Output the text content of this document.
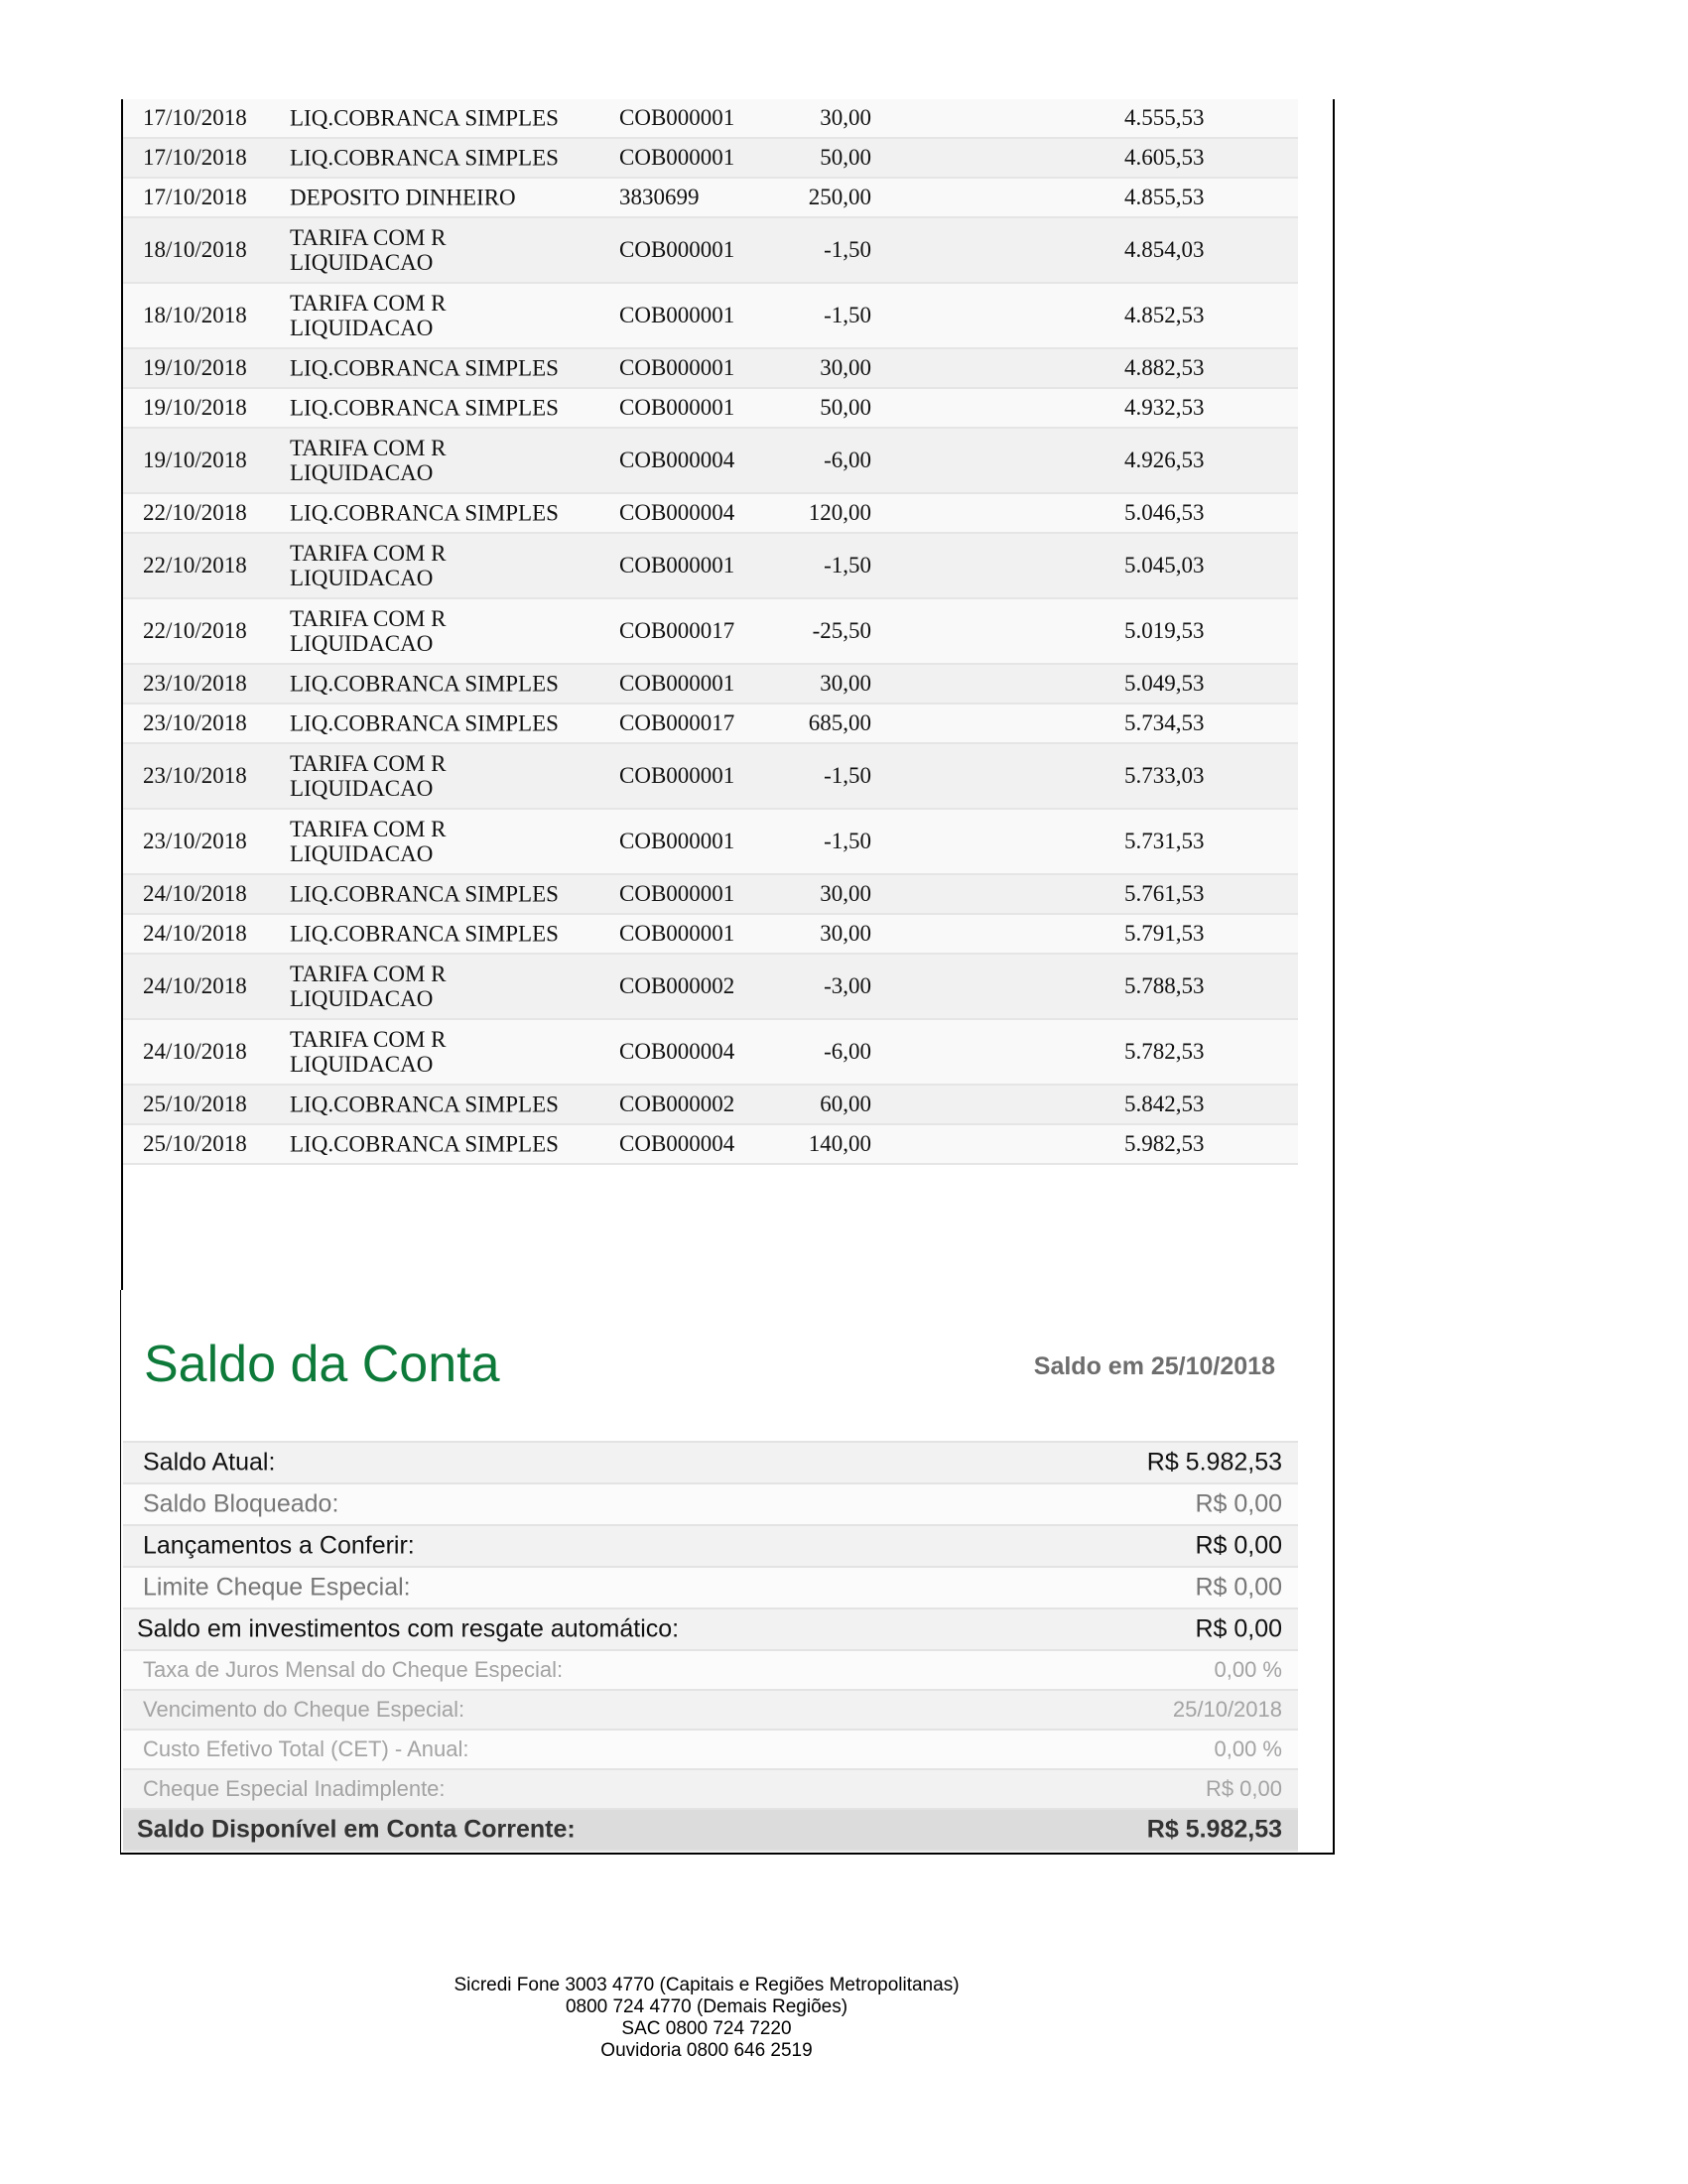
17/10/2018 LIQ.COBRANCA SIMPLES	COB000001	30,00	4.555,53
17/10/2018 LIQ.COBRANCA SIMPLES	COB000001	50,00	4.605,53
17/10/2018 DEPOSITO DINHEIRO	3830699	250,00	4.855,53
18/10/2018 TARIFA COM R
LIQUIDACAO
COB000001	-1,50	4.854,03
18/10/2018 TARIFA COM R
LIQUIDACAO
COB000001	-1,50	4.852,53
19/10/2018 LIQ.COBRANCA SIMPLES	COB000001	30,00	4.882,53
19/10/2018 LIQ.COBRANCA SIMPLES	COB000001	50,00	4.932,53
19/10/2018 TARIFA COM R
LIQUIDACAO
COB000004	-6,00	4.926,53
22/10/2018 LIQ.COBRANCA SIMPLES	COB000004	120,00	5.046,53
22/10/2018 TARIFA COM R
LIQUIDACAO
COB000001	-1,50	5.045,03
22/10/2018 TARIFA COM R
LIQUIDACAO
COB000017	-25,50	5.019,53
23/10/2018 LIQ.COBRANCA SIMPLES	COB000001	30,00	5.049,53
23/10/2018 LIQ.COBRANCA SIMPLES	COB000017	685,00	5.734,53
23/10/2018 TARIFA COM R
LIQUIDACAO
COB000001	-1,50	5.733,03
23/10/2018 TARIFA COM R
LIQUIDACAO
COB000001	-1,50	5.731,53
24/10/2018 LIQ.COBRANCA SIMPLES	COB000001	30,00	5.761,53
24/10/2018 LIQ.COBRANCA SIMPLES	COB000001	30,00	5.791,53
24/10/2018 TARIFA COM R
LIQUIDACAO
COB000002	-3,00	5.788,53
24/10/2018 TARIFA COM R
LIQUIDACAO
COB000004	-6,00	5.782,53
25/10/2018 LIQ.COBRANCA SIMPLES	COB000002	60,00	5.842,53
25/10/2018 LIQ.COBRANCA SIMPLES	COB000004	140,00	5.982,53
Saldo da Conta	Saldo em 25/10/2018
Saldo Atual:	R$ 5.982,53
Saldo Bloqueado:	R$ 0,00
Lançamentos a Conferir:	R$ 0,00
Limite Cheque Especial:	R$ 0,00
Saldo em investimentos com resgate automático:	R$ 0,00
Taxa de Juros Mensal do Cheque Especial:	0,00 %
Vencimento do Cheque Especial:	25/10/2018
Custo Efetivo Total (CET) - Anual:	0,00 %
Cheque Especial Inadimplente:	R$ 0,00
Saldo Disponível em Conta Corrente:	R$ 5.982,53
Sicredi Fone 3003 4770 (Capitais e Regiões Metropolitanas)
0800 724 4770 (Demais Regiões)
SAC 0800 724 7220
Ouvidoria 0800 646 2519
